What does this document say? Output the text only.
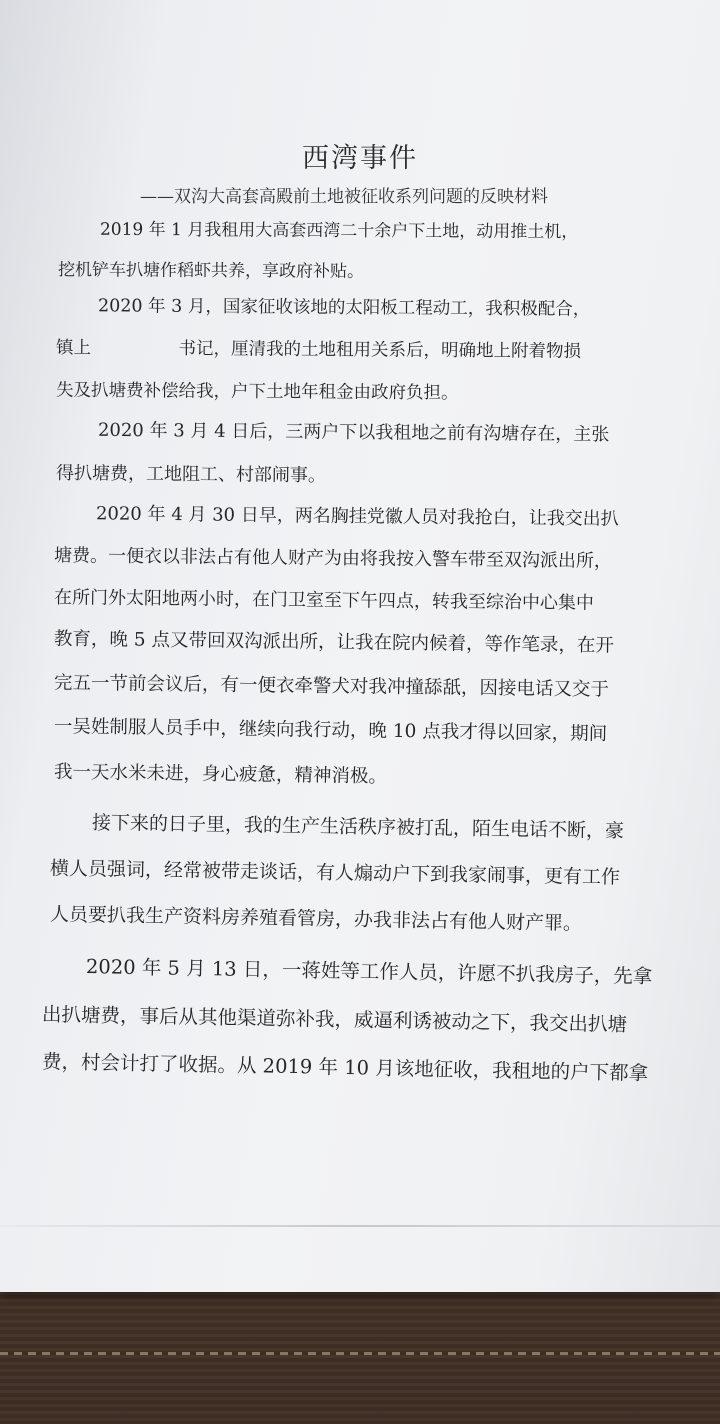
西湾事件
——双沟大高套高殿前土地被征收系列问题的反映材料
2019 年 1 月我租用大高套西湾二十余户下土地，动用推土机，
挖机铲车扒塘作稻虾共养，享政府补贴。
2020 年 3 月，国家征收该地的太阳板工程动工，我积极配合，
镇上　　　　　书记，厘清我的土地租用关系后，明确地上附着物损
失及扒塘费补偿给我，户下土地年租金由政府负担。
2020 年 3 月 4 日后，三两户下以我租地之前有沟塘存在，主张
得扒塘费，工地阻工、村部闹事。
2020 年 4 月 30 日早，两名胸挂党徽人员对我抢白，让我交出扒
塘费。一便衣以非法占有他人财产为由将我按入警车带至双沟派出所，
在所门外太阳地两小时，在门卫室至下午四点，转我至综治中心集中
教育，晚 5 点又带回双沟派出所，让我在院内候着，等作笔录，在开
完五一节前会议后，有一便衣牵警犬对我冲撞舔舐，因接电话又交于
一吴姓制服人员手中，继续向我行动，晚 10 点我才得以回家，期间
我一天水米未进，身心疲惫，精神消极。
接下来的日子里，我的生产生活秩序被打乱，陌生电话不断，豪
横人员强词，经常被带走谈话，有人煽动户下到我家闹事，更有工作
人员要扒我生产资料房养殖看管房，办我非法占有他人财产罪。
2020 年 5 月 13 日，一蒋姓等工作人员，许愿不扒我房子，先拿
出扒塘费，事后从其他渠道弥补我，威逼利诱被动之下，我交出扒塘
费，村会计打了收据。从 2019 年 10 月该地征收，我租地的户下都拿
